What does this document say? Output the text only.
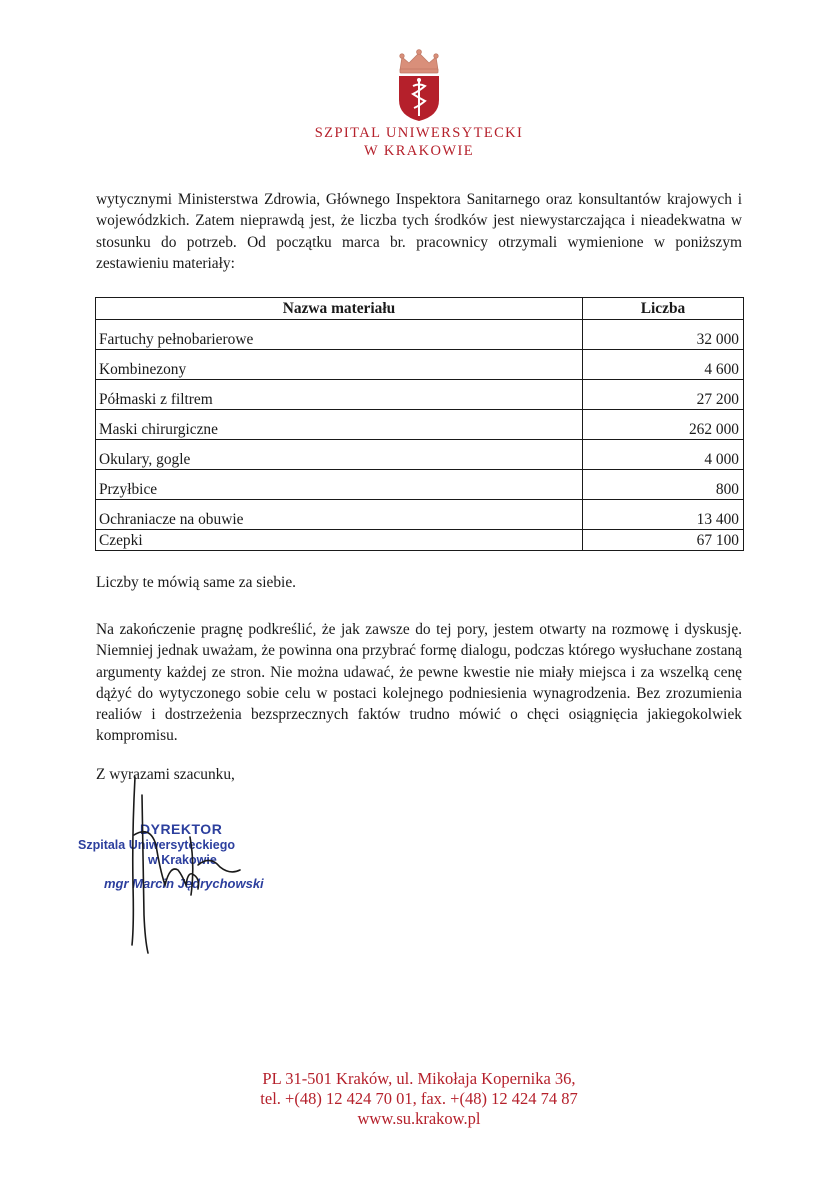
SZPITAL UNIWERSYTECKI
W KRAKOWIE

wytycznymi Ministerstwa Zdrowia, Głównego Inspektora Sanitarnego oraz konsultantów krajowych i wojewódzkich. Zatem nieprawdą jest, że liczba tych środków jest niewystarczająca i nieadekwatna w stosunku do potrzeb. Od początku marca br. pracownicy otrzymali wymienione w poniższym zestawieniu materiały:

Nazwa materiału	Liczba
Fartuchy pełnobarierowe	32 000
Kombinezony	4 600
Półmaski z filtrem	27 200
Maski chirurgiczne	262 000
Okulary, gogle	4 000
Przyłbice	800
Ochraniacze na obuwie	13 400
Czepki	67 100

Liczby te mówią same za siebie.

Na zakończenie pragnę podkreślić, że jak zawsze do tej pory, jestem otwarty na rozmowę i dyskusję. Niemniej jednak uważam, że powinna ona przybrać formę dialogu, podczas którego wysłuchane zostaną argumenty każdej ze stron. Nie można udawać, że pewne kwestie nie miały miejsca i za wszelką cenę dążyć do wytyczonego sobie celu w postaci kolejnego podniesienia wynagrodzenia. Bez zrozumienia realiów i dostrzeżenia bezsprzecznych faktów trudno mówić o chęci osiągnięcia jakiegokolwiek kompromisu.

Z wyrazami szacunku,

DYREKTOR
Szpitala Uniwersyteckiego
w Krakowie
mgr Marcin Jędrychowski
PL 31-501 Kraków, ul. Mikołaja Kopernika 36,
tel. +(48) 12 424 70 01, fax. +(48) 12 424 74 87
www.su.krakow.pl
